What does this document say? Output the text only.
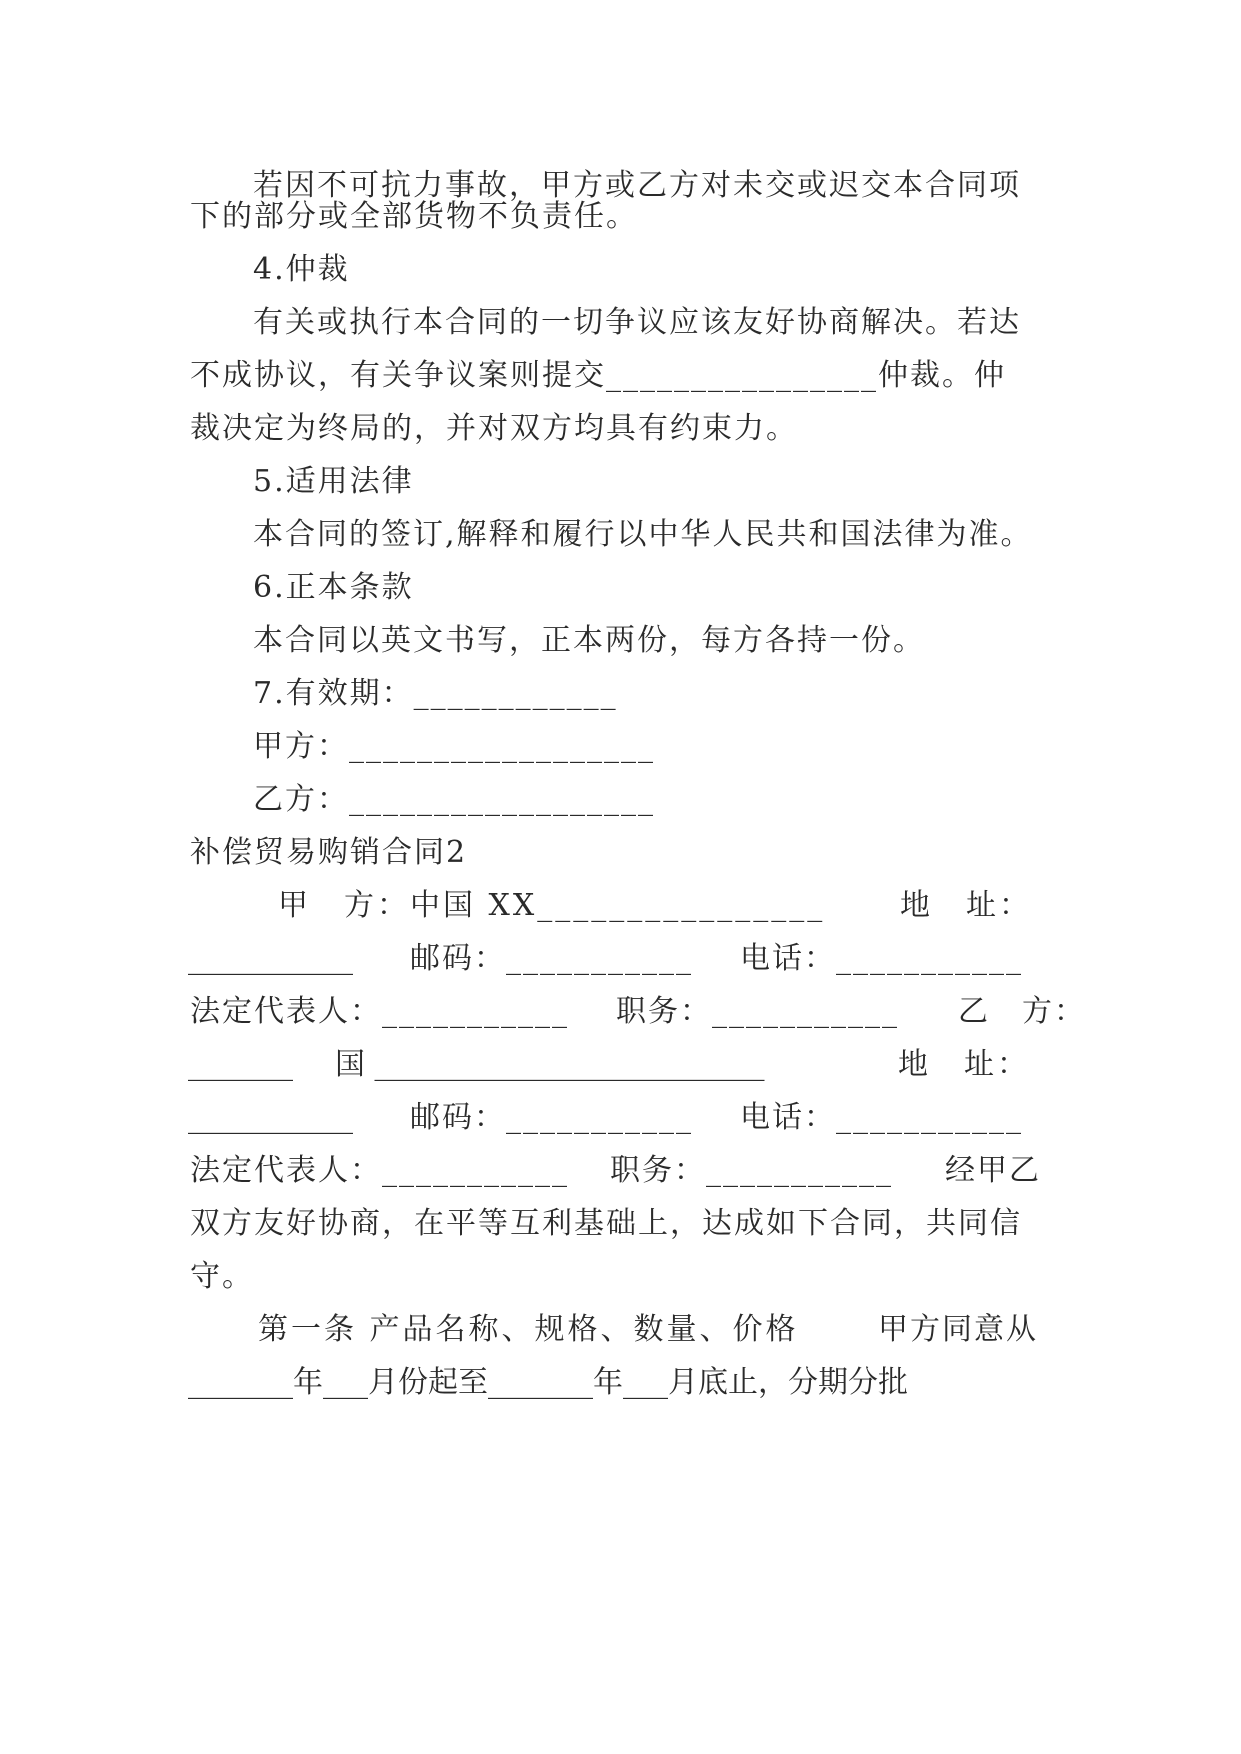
若因不可抗力事故，甲方或乙方对未交或迟交本合同项
下的部分或全部货物不负责任。
4.仲裁
有关或执行本合同的一切争议应该友好协商解决。若达
不成协议，有关争议案则提交________________仲裁。仲
裁决定为终局的，并对双方均具有约束力。
5.适用法律
本合同的签订,解释和履行以中华人民共和国法律为准。
6.正本条款
本合同以英文书写，正本两份，每方各持一份。
7.有效期：____________
甲方：__________________
乙方：__________________
补偿贸易购销合同2
甲　方：中国 XX________________ 地　址：
___________ 邮码：___________ 电话：___________
法定代表人：___________ 职务：___________ 乙　方：
_______ 国 __________________________	地　址：
___________ 邮码：___________ 电话：___________
法定代表人：___________ 职务：___________ 经甲乙
双方友好协商，在平等互利基础上，达成如下合同，共同信
守。
第一条 产品名称、规格、数量、价格	甲方同意从
_______年___月份起至_______年___月底止，分期分批
